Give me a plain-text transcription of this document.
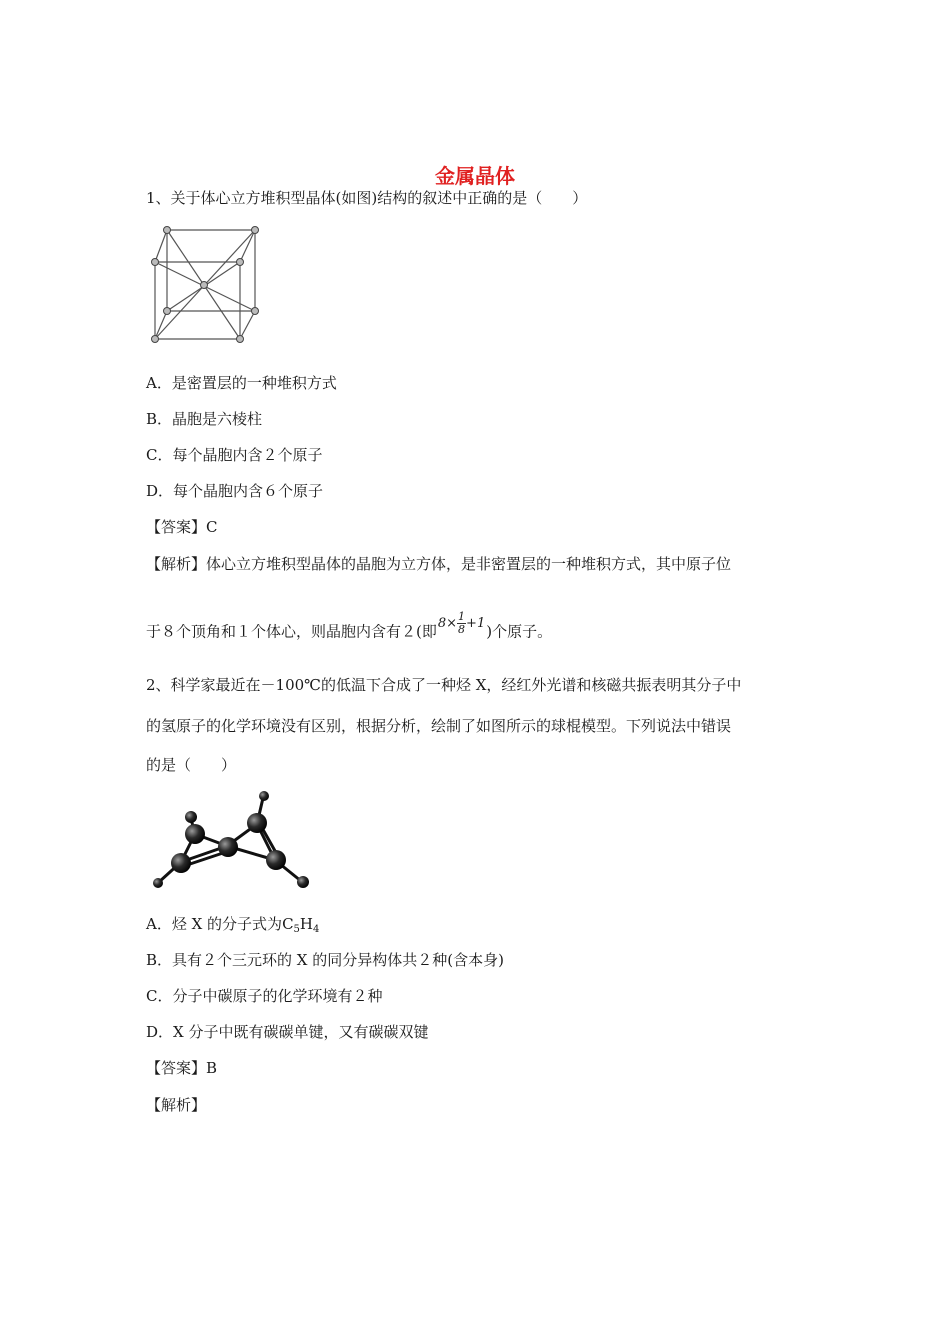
金属晶体
1、关于体心立方堆积型晶体(如图)结构的叙述中正确的是（　　）
A．是密置层的一种堆积方式
B．晶胞是六棱柱
C．每个晶胞内含２个原子
D．每个晶胞内含６个原子
【答案】C
【解析】体心立方堆积型晶体的晶胞为立方体，是非密置层的一种堆积方式，其中原子位
于８个顶角和１个体心，则晶胞内含有２(即$8\times \frac{1}{8} +1$)个原子。
2、科学家最近在－100℃的低温下合成了一种烃 X，经红外光谱和核磁共振表明其分子中
的氢原子的化学环境没有区别，根据分析，绘制了如图所示的球棍模型。下列说法中错误
的是（　　）
A．烃 X 的分子式为$C_5H_4$
B．具有２个三元环的 X 的同分异构体共２种(含本身)
C．分子中碳原子的化学环境有２种
D．X 分子中既有碳碳单键，又有碳碳双键
【答案】B
【解析】
